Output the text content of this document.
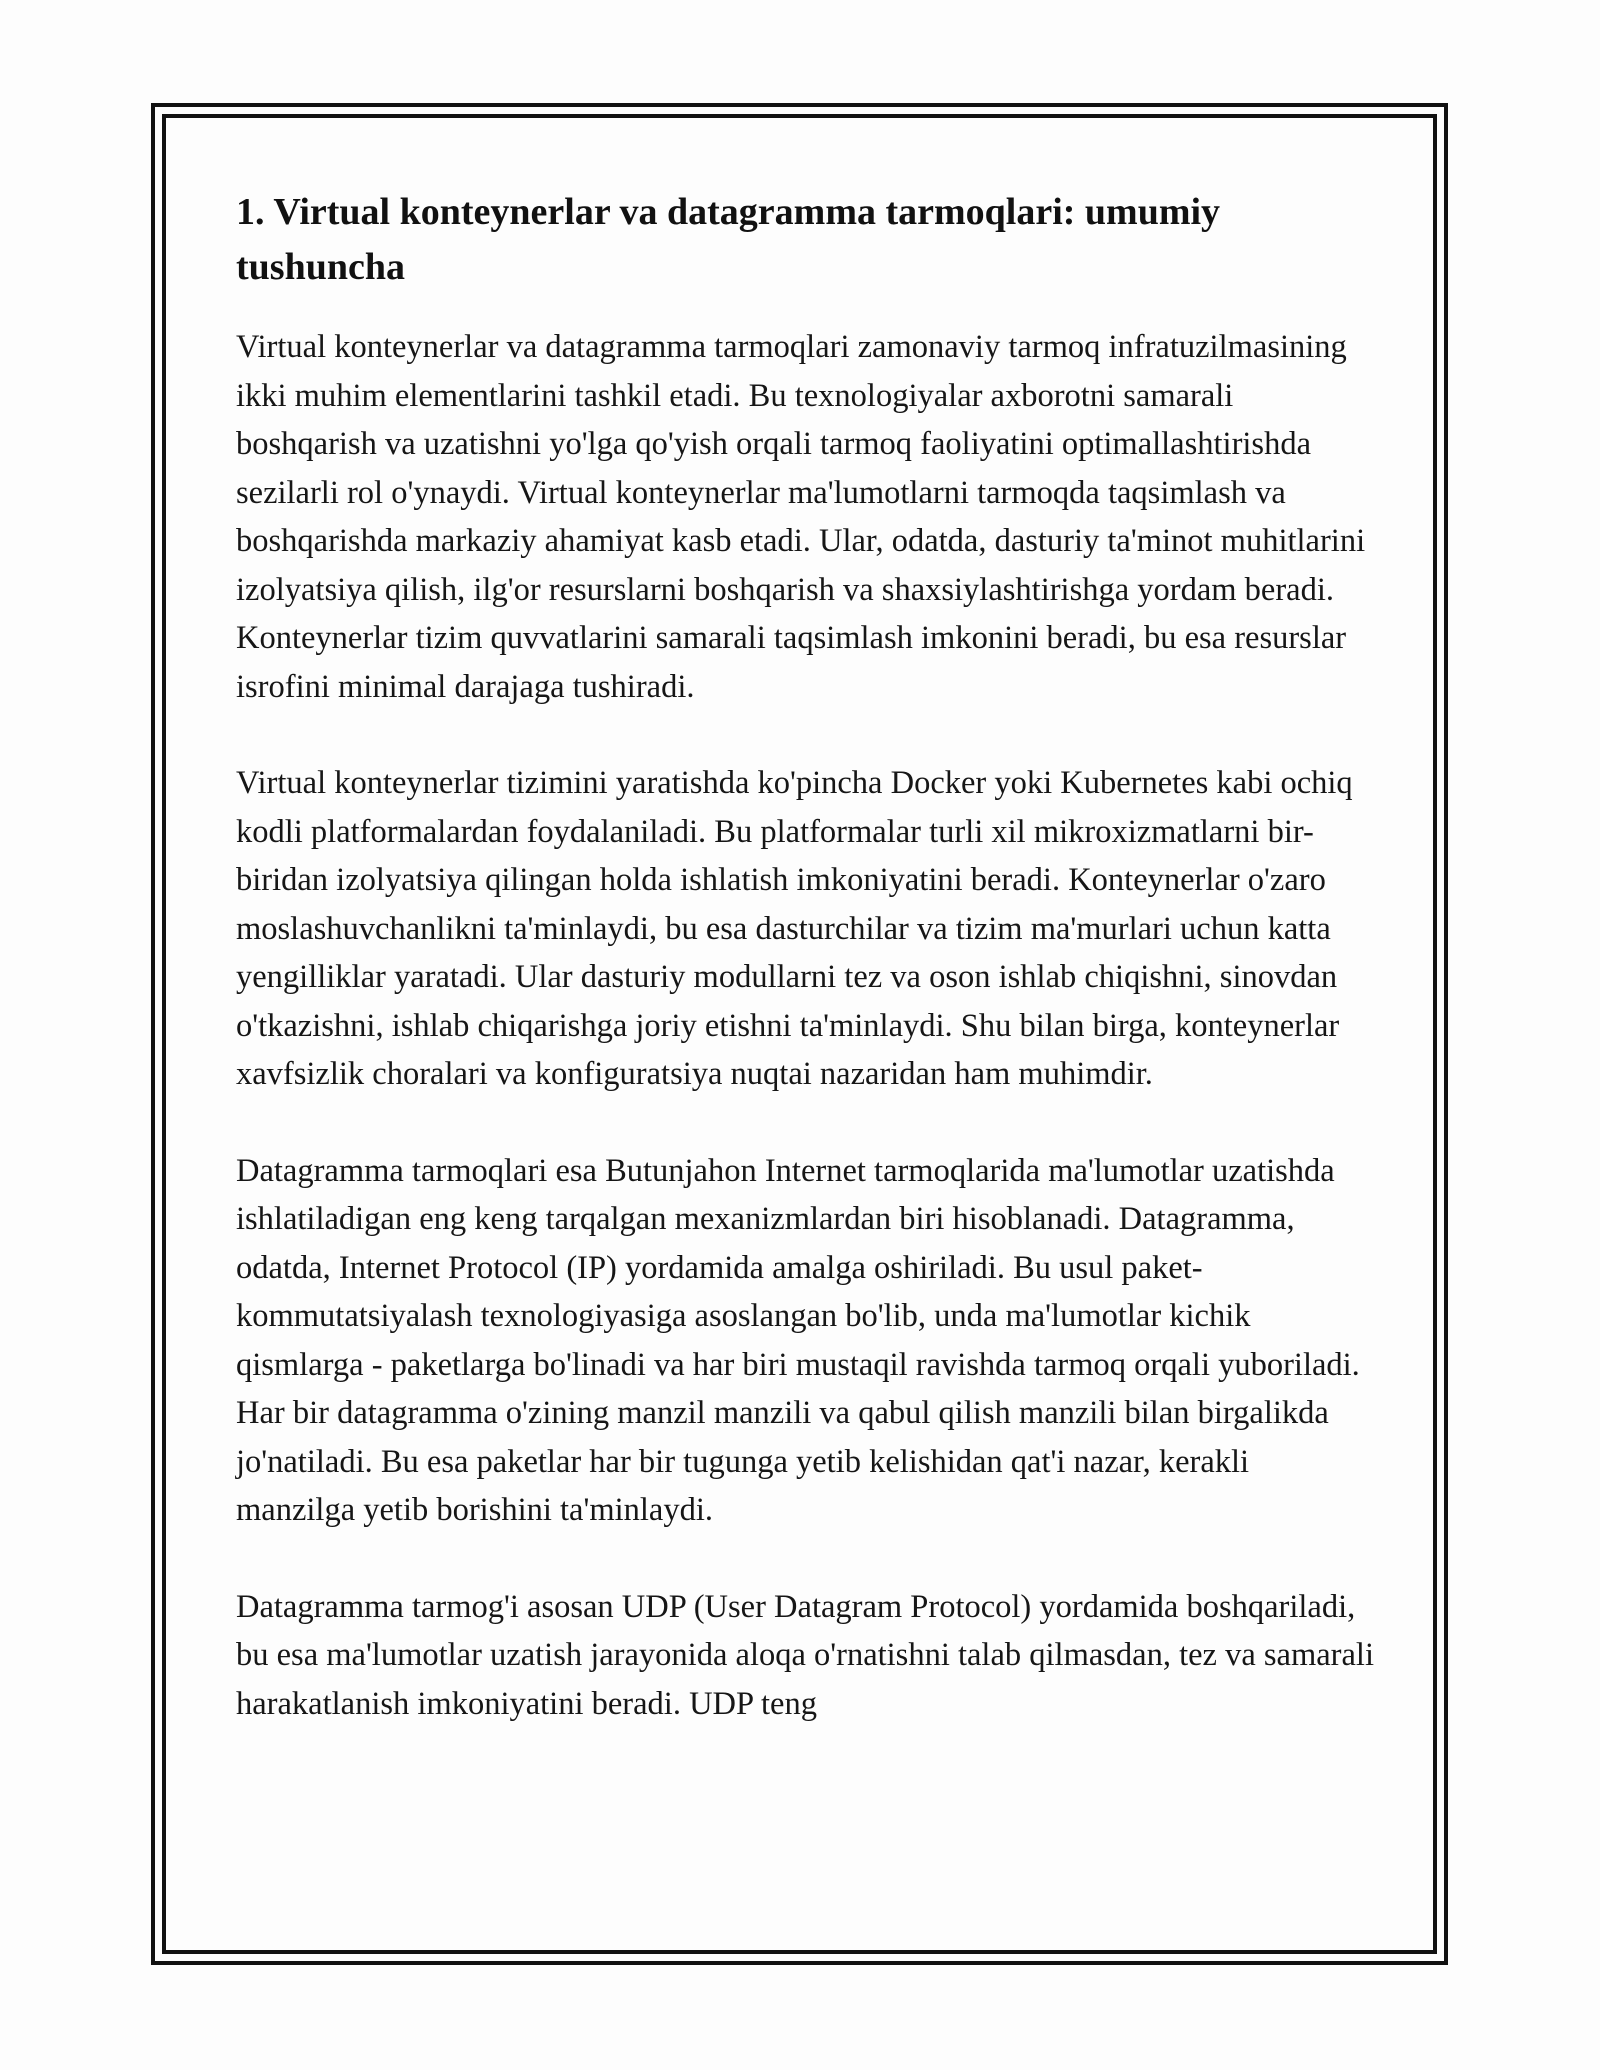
1. Virtual konteynerlar va datagramma tarmoqlari: umumiy tushuncha

Virtual konteynerlar va datagramma tarmoqlari zamonaviy tarmoq infratuzilmasining ikki muhim elementlarini tashkil etadi. Bu texnologiyalar axborotni samarali boshqarish va uzatishni yo'lga qo'yish orqali tarmoq faoliyatini optimallashtirishda sezilarli rol o'ynaydi. Virtual konteynerlar ma'lumotlarni tarmoqda taqsimlash va boshqarishda markaziy ahamiyat kasb etadi. Ular, odatda, dasturiy ta'minot muhitlarini izolyatsiya qilish, ilg'or resurslarni boshqarish va shaxsiylashtirishga yordam beradi. Konteynerlar tizim quvvatlarini samarali taqsimlash imkonini beradi, bu esa resurslar isrofini minimal darajaga tushiradi.

Virtual konteynerlar tizimini yaratishda ko'pincha Docker yoki Kubernetes kabi ochiq kodli platformalardan foydalaniladi. Bu platformalar turli xil mikroxizmatlarni bir-biridan izolyatsiya qilingan holda ishlatish imkoniyatini beradi. Konteynerlar o'zaro moslashuvchanlikni ta'minlaydi, bu esa dasturchilar va tizim ma'murlari uchun katta yengilliklar yaratadi. Ular dasturiy modullarni tez va oson ishlab chiqishni, sinovdan o'tkazishni, ishlab chiqarishga joriy etishni ta'minlaydi. Shu bilan birga, konteynerlar xavfsizlik choralari va konfiguratsiya nuqtai nazaridan ham muhimdir.

Datagramma tarmoqlari esa Butunjahon Internet tarmoqlarida ma'lumotlar uzatishda ishlatiladigan eng keng tarqalgan mexanizmlardan biri hisoblanadi. Datagramma, odatda, Internet Protocol (IP) yordamida amalga oshiriladi. Bu usul paket-kommutatsiyalash texnologiyasiga asoslangan bo'lib, unda ma'lumotlar kichik qismlarga - paketlarga bo'linadi va har biri mustaqil ravishda tarmoq orqali yuboriladi. Har bir datagramma o'zining manzil manzili va qabul qilish manzili bilan birgalikda jo'natiladi. Bu esa paketlar har bir tugunga yetib kelishidan qat'i nazar, kerakli manzilga yetib borishini ta'minlaydi.

Datagramma tarmog'i asosan UDP (User Datagram Protocol) yordamida boshqariladi, bu esa ma'lumotlar uzatish jarayonida aloqa o'rnatishni talab qilmasdan, tez va samarali harakatlanish imkoniyatini beradi. UDP teng
